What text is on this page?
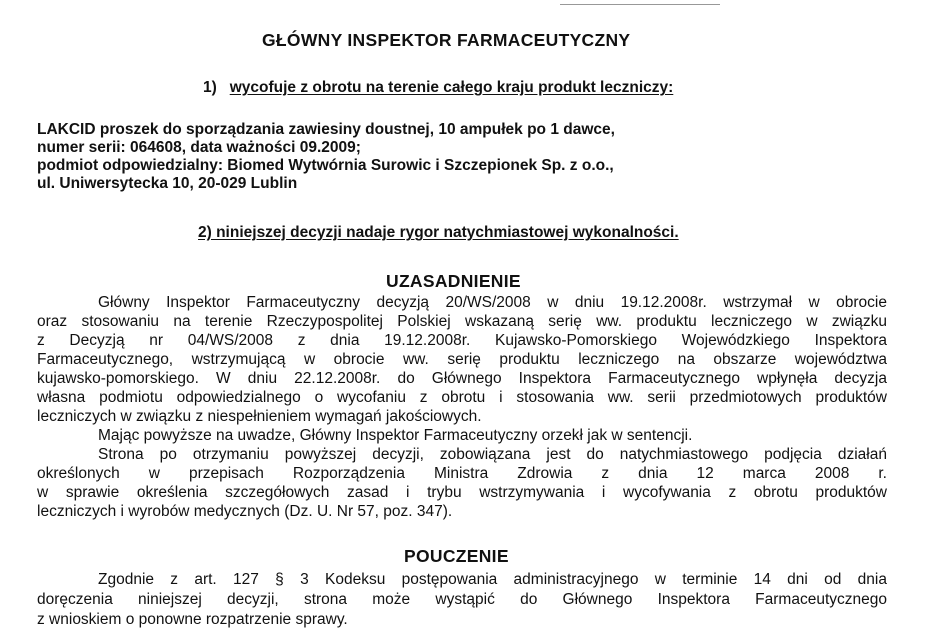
GŁÓWNY INSPEKTOR FARMACEUTYCZNY

1) wycofuje z obrotu na terenie całego kraju produkt leczniczy:

LAKCID proszek do sporządzania zawiesiny doustnej, 10 ampułek po 1 dawce,

numer serii: 064608, data ważności 09.2009;

podmiot odpowiedzialny: Biomed Wytwórnia Surowic i Szczepionek Sp. z o.o.,

ul. Uniwersytecka 10, 20-029 Lublin

2) niniejszej decyzji nadaje rygor natychmiastowej wykonalności.

UZASADNIENIE

Główny Inspektor Farmaceutyczny decyzją 20/WS/2008 w dniu 19.12.2008r. wstrzymał w obrocie

oraz stosowaniu na terenie Rzeczypospolitej Polskiej wskazaną serię ww. produktu leczniczego w związku

z Decyzją nr 04/WS/2008 z dnia 19.12.2008r. Kujawsko-Pomorskiego Wojewódzkiego Inspektora

Farmaceutycznego, wstrzymującą w obrocie ww. serię produktu leczniczego na obszarze województwa

kujawsko-pomorskiego. W dniu 22.12.2008r. do Głównego Inspektora Farmaceutycznego wpłynęła decyzja

własna podmiotu odpowiedzialnego o wycofaniu z obrotu i stosowania ww. serii przedmiotowych produktów

leczniczych w związku z niespełnieniem wymagań jakościowych.

Mając powyższe na uwadze, Główny Inspektor Farmaceutyczny orzekł jak w sentencji.

Strona po otrzymaniu powyższej decyzji, zobowiązana jest do natychmiastowego podjęcia działań

określonych w przepisach Rozporządzenia Ministra Zdrowia z dnia 12 marca 2008 r.

w sprawie określenia szczegółowych zasad i trybu wstrzymywania i wycofywania z obrotu produktów

leczniczych i wyrobów medycznych (Dz. U. Nr 57, poz. 347).

POUCZENIE

Zgodnie z art. 127 § 3 Kodeksu postępowania administracyjnego w terminie 14 dni od dnia

doręczenia niniejszej decyzji, strona może wystąpić do Głównego Inspektora Farmaceutycznego

z wnioskiem o ponowne rozpatrzenie sprawy.
